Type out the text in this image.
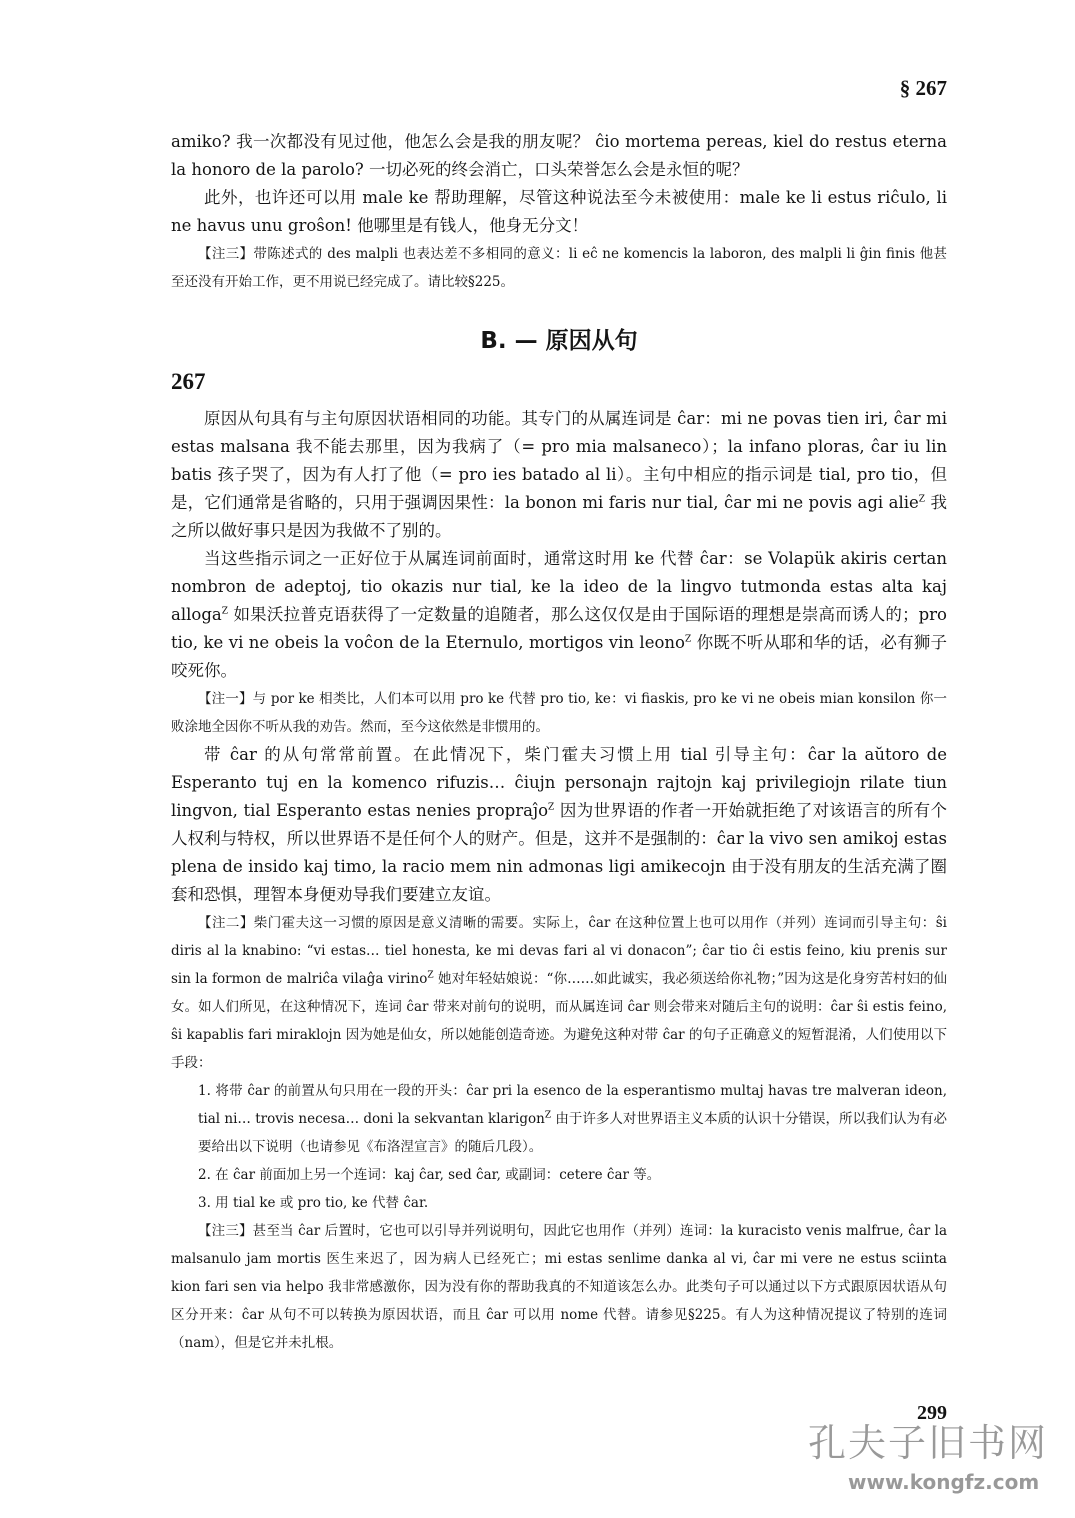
§ 267

amiko? 我一次都没有见过他，他怎么会是我的朋友呢？ ĉio mortema pereas, kiel do restus eterna la honoro de la parolo? 一切必死的终会消亡，口头荣誉怎么会是永恒的呢？

此外，也许还可以用 male ke 帮助理解，尽管这种说法至今未被使用：male ke li estus riĉulo, li ne havus unu groŝon! 他哪里是有钱人，他身无分文！

【注三】带陈述式的 des malpli 也表达差不多相同的意义：li eĉ ne komencis la laboron, des malpli li ĝin finis 他甚至还没有开始工作，更不用说已经完成了。请比较§225。

B. — 原因从句
267

原因从句具有与主句原因状语相同的功能。其专门的从属连词是 ĉar：mi ne povas tien iri, ĉar mi estas malsana 我不能去那里，因为我病了（= pro mia malsaneco）；la infano ploras, ĉar iu lin batis 孩子哭了，因为有人打了他（= pro ies batado al li）。主句中相应的指示词是 tial, pro tio，但是，它们通常是省略的，只用于强调因果性：la bonon mi faris nur tial, ĉar mi ne povis agi alie$^Z$ 我之所以做好事只是因为我做不了别的。

当这些指示词之一正好位于从属连词前面时，通常这时用 ke 代替 ĉar：se Volapük akiris certan nombron de adeptoj, tio okazis nur tial, ke la ideo de la lingvo tutmonda estas alta kaj alloga$^Z$ 如果沃拉普克语获得了一定数量的追随者，那么这仅仅是由于国际语的理想是崇高而诱人的；pro tio, ke vi ne obeis la voĉon de la Eternulo, mortigos vin leono$^Z$ 你既不听从耶和华的话，必有狮子咬死你。

【注一】与 por ke 相类比，人们本可以用 pro ke 代替 pro tio, ke：vi fiaskis, pro ke vi ne obeis mian konsilon 你一败涂地全因你不听从我的劝告。然而，至今这依然是非惯用的。

带 ĉar 的从句常常前置。在此情况下，柴门霍夫习惯上用 tial 引导主句：ĉar la aŭtoro de Esperanto tuj en la komenco rifuzis… ĉiujn personajn rajtojn kaj privilegiojn rilate tiun lingvon, tial Esperanto estas nenies propraĵo$^Z$ 因为世界语的作者一开始就拒绝了对该语言的所有个人权利与特权，所以世界语不是任何个人的财产。但是，这并不是强制的：ĉar la vivo sen amikoj estas plena de insido kaj timo, la racio mem nin admonas ligi amikecojn 由于没有朋友的生活充满了圈套和恐惧，理智本身便劝导我们要建立友谊。

【注二】柴门霍夫这一习惯的原因是意义清晰的需要。实际上，ĉar 在这种位置上也可以用作（并列）连词而引导主句：ŝi diris al la knabino: “vi estas… tiel honesta, ke mi devas fari al vi donacon”; ĉar tio ĉi estis feino, kiu prenis sur sin la formon de malriĉa vilaĝa virino$^Z$ 她对年轻姑娘说：“你……如此诚实，我必须送给你礼物；”因为这是化身穷苦村妇的仙女。如人们所见，在这种情况下，连词 ĉar 带来对前句的说明，而从属连词 ĉar 则会带来对随后主句的说明：ĉar ŝi estis feino, ŝi kapablis fari miraklojn 因为她是仙女，所以她能创造奇迹。为避免这种对带 ĉar 的句子正确意义的短暂混淆，人们使用以下手段：

1. 将带 ĉar 的前置从句只用在一段的开头：ĉar pri la esenco de la esperantismo multaj havas tre malveran ideon, tial ni… trovis necesa… doni la sekvantan klarigon$^Z$ 由于许多人对世界语主义本质的认识十分错误，所以我们认为有必要给出以下说明（也请参见《布洛涅宣言》的随后几段）。

2. 在 ĉar 前面加上另一个连词：kaj ĉar, sed ĉar, 或副词：cetere ĉar 等。

3. 用 tial ke 或 pro tio, ke 代替 ĉar.

【注三】甚至当 ĉar 后置时，它也可以引导并列说明句，因此它也用作（并列）连词：la kuracisto venis malfrue, ĉar la malsanulo jam mortis 医生来迟了，因为病人已经死亡；mi estas senlime danka al vi, ĉar mi vere ne estus sciinta kion fari sen via helpo 我非常感激你，因为没有你的帮助我真的不知道该怎么办。此类句子可以通过以下方式跟原因状语从句区分开来：ĉar 从句不可以转换为原因状语，而且 ĉar 可以用 nome 代替。请参见§225。有人为这种情况提议了特别的连词（nam），但是它并未扎根。

299
孔夫子旧书网
www.kongfz.com
